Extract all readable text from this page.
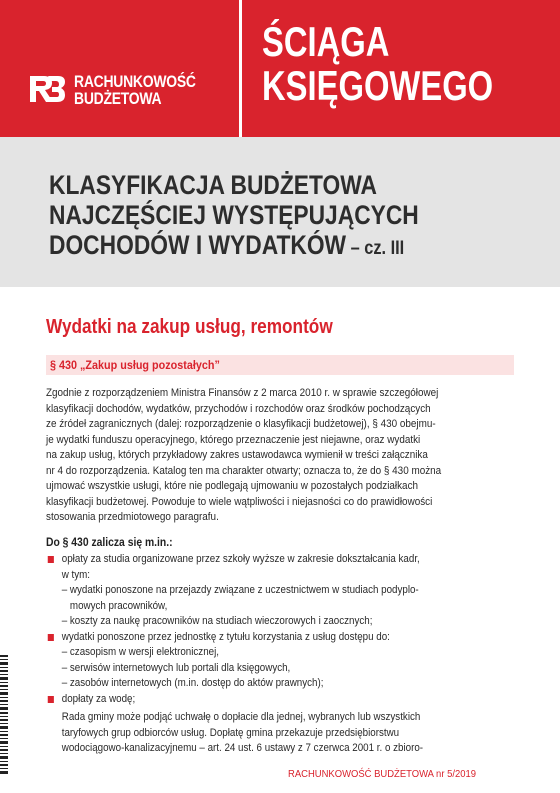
RACHUNKOWOŚĆ
BUDŻETOWA
ŚCIĄGA
KSIĘGOWEGO
KLASYFIKACJA BUDŻETOWA
NAJCZĘŚCIEJ WYSTĘPUJĄCYCH
DOCHODÓW I WYDATKÓW – cz. III
Wydatki na zakup usług, remontów
§ 430 „Zakup usług pozostałych”
Zgodnie z rozporządzeniem Ministra Finansów z 2 marca 2010 r. w sprawie szczegółowej
klasyfikacji dochodów, wydatków, przychodów i rozchodów oraz środków pochodzących
ze źródeł zagranicznych (dalej: rozporządzenie o klasyfikacji budżetowej), § 430 obejmu-
je wydatki funduszu operacyjnego, którego przeznaczenie jest niejawne, oraz wydatki
na zakup usług, których przykładowy zakres ustawodawca wymienił w treści załącznika
nr 4 do rozporządzenia. Katalog ten ma charakter otwarty; oznacza to, że do § 430 można
ujmować wszystkie usługi, które nie podlegają ujmowaniu w pozostałych podziałkach
klasyfikacji budżetowej. Powoduje to wiele wątpliwości i niejasności co do prawidłowości
stosowania przedmiotowego paragrafu.
Do § 430 zalicza się m.in.:
opłaty za studia organizowane przez szkoły wyższe w zakresie dokształcania kadr,
w tym:
– wydatki ponoszone na przejazdy związane z uczestnictwem w studiach podyplo-
mowych pracowników,
– koszty za naukę pracowników na studiach wieczorowych i zaocznych;
wydatki ponoszone przez jednostkę z tytułu korzystania z usług dostępu do:
– czasopism w wersji elektronicznej,
– serwisów internetowych lub portali dla księgowych,
– zasobów internetowych (m.in. dostęp do aktów prawnych);
dopłaty za wodę;
Rada gminy może podjąć uchwałę o dopłacie dla jednej, wybranych lub wszystkich
taryfowych grup odbiorców usług. Dopłatę gmina przekazuje przedsiębiorstwu
wodociągowo-kanalizacyjnemu – art. 24 ust. 6 ustawy z 7 czerwca 2001 r. o zbioro-
RACHUNKOWOŚĆ BUDŻETOWA nr 5/2019
